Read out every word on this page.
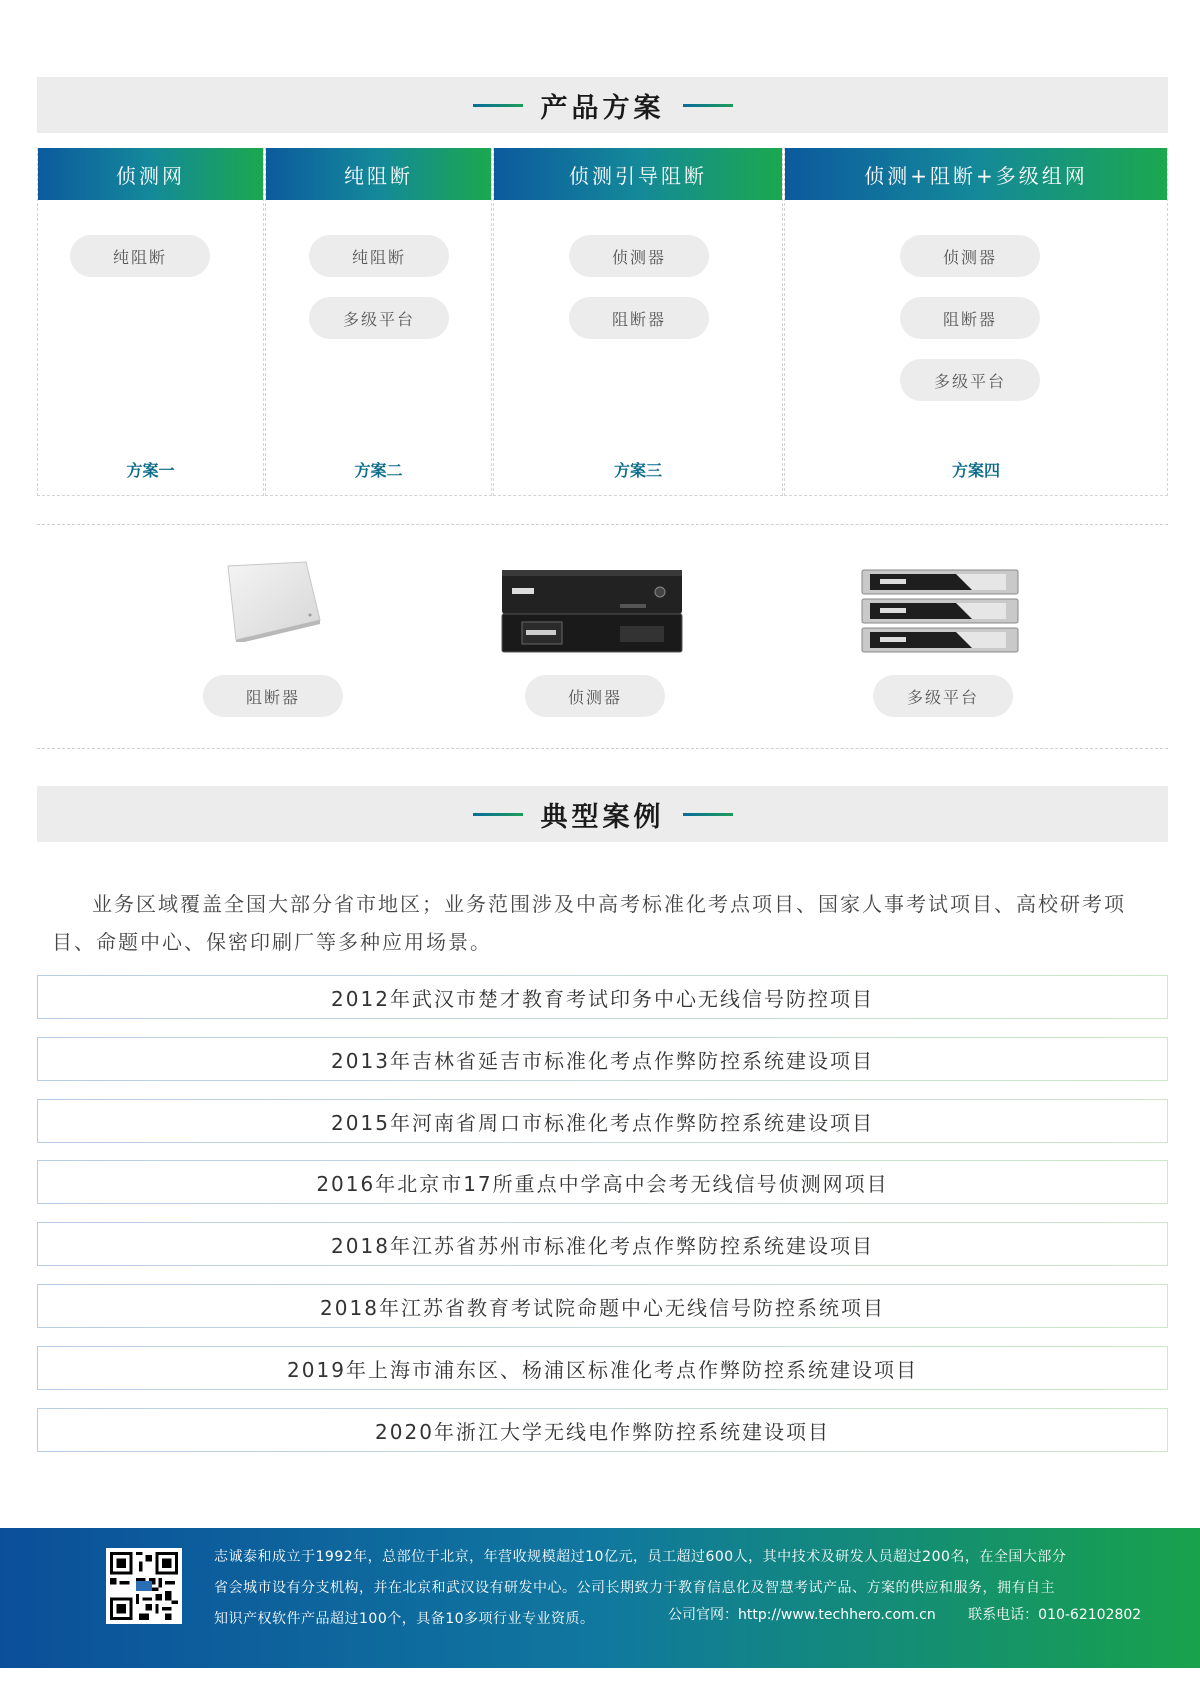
产品方案
侦测网
纯阻断
方案一
纯阻断
纯阻断
多级平台
方案二
侦测引导阻断
侦测器
阻断器
方案三
侦测+阻断+多级组网
侦测器
阻断器
多级平台
方案四
阻断器	侦测器	多级平台
典型案例

业务区域覆盖全国大部分省市地区；业务范围涉及中高考标准化考点项目、国家人事考试项目、高校研考项目、命题中心、保密印刷厂等多种应用场景。

2012年武汉市楚才教育考试印务中心无线信号防控项目
2013年吉林省延吉市标准化考点作弊防控系统建设项目
2015年河南省周口市标准化考点作弊防控系统建设项目
2016年北京市17所重点中学高中会考无线信号侦测网项目
2018年江苏省苏州市标准化考点作弊防控系统建设项目
2018年江苏省教育考试院命题中心无线信号防控系统项目
2019年上海市浦东区、杨浦区标准化考点作弊防控系统建设项目
2020年浙江大学无线电作弊防控系统建设项目
志诚泰和成立于1992年，总部位于北京，年营收规模超过10亿元，员工超过600人，其中技术及研发人员超过200名，在全国大部分
省会城市设有分支机构，并在北京和武汉设有研发中心。公司长期致力于教育信息化及智慧考试产品、方案的供应和服务，拥有自主
知识产权软件产品超过100个，具备10多项行业专业资质。	公司官网：http://www.techhero.com.cn 联系电话：010-62102802
